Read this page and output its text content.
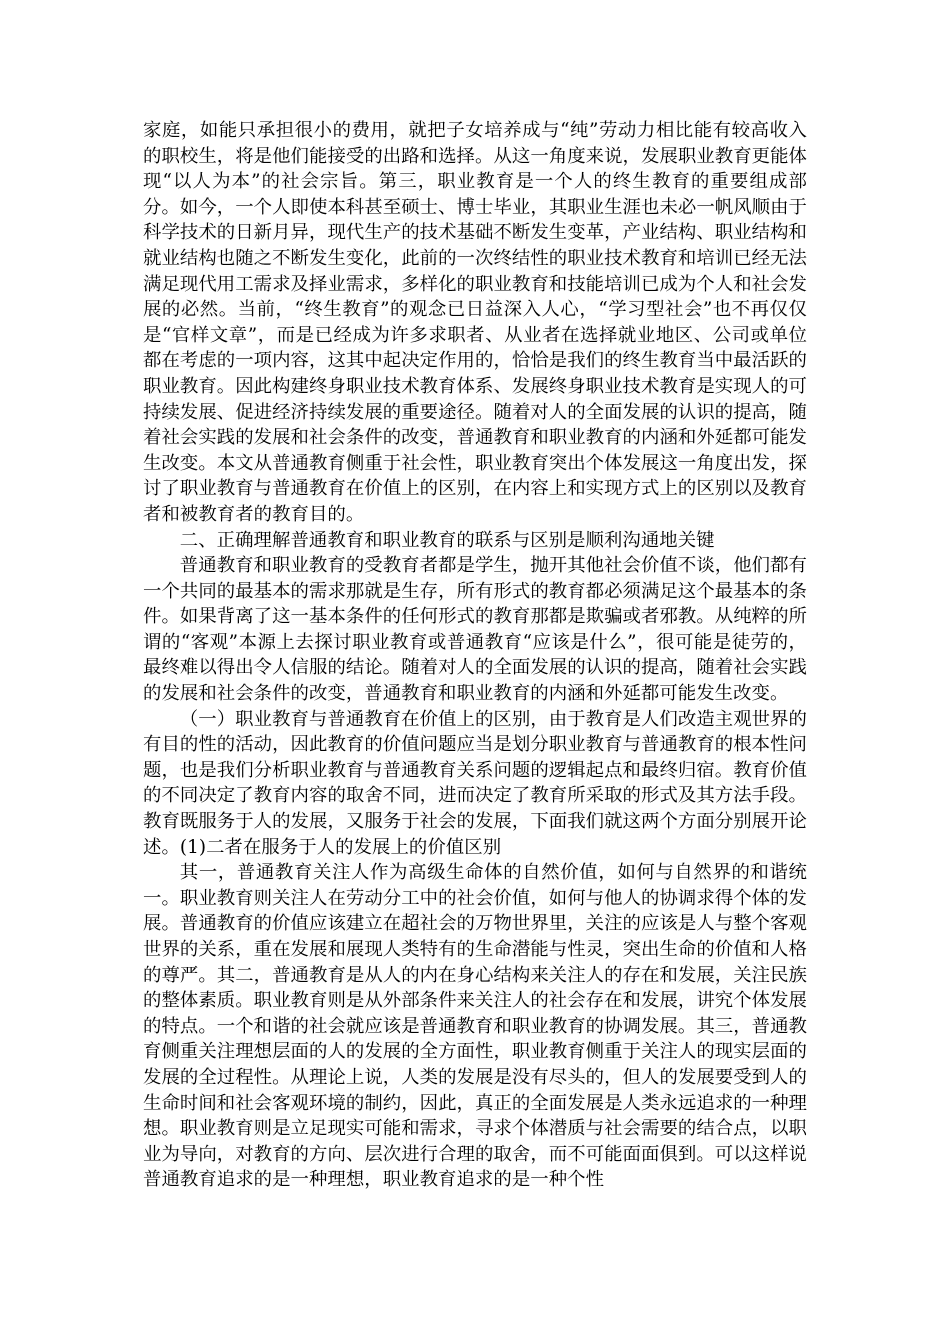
家庭，如能只承担很小的费用，就把子女培养成与“纯”劳动力相比能有较高收入的职校生，将是他们能接受的出路和选择。从这一角度来说，发展职业教育更能体现“以人为本”的社会宗旨。第三，职业教育是一个人的终生教育的重要组成部分。如今，一个人即使本科甚至硕士、博士毕业，其职业生涯也未必一帆风顺由于科学技术的日新月异，现代生产的技术基础不断发生变革，产业结构、职业结构和就业结构也随之不断发生变化，此前的一次终结性的职业技术教育和培训已经无法满足现代用工需求及择业需求，多样化的职业教育和技能培训已成为个人和社会发展的必然。当前，“终生教育”的观念已日益深入人心，“学习型社会”也不再仅仅是“官样文章”，而是已经成为许多求职者、从业者在选择就业地区、公司或单位都在考虑的一项内容，这其中起决定作用的，恰恰是我们的终生教育当中最活跃的职业教育。因此构建终身职业技术教育体系、发展终身职业技术教育是实现人的可持续发展、促进经济持续发展的重要途径。随着对人的全面发展的认识的提高，随着社会实践的发展和社会条件的改变，普通教育和职业教育的内涵和外延都可能发生改变。本文从普通教育侧重于社会性，职业教育突出个体发展这一角度出发，探讨了职业教育与普通教育在价值上的区别，在内容上和实现方式上的区别以及教育者和被教育者的教育目的。

二、正确理解普通教育和职业教育的联系与区别是顺利沟通地关键

普通教育和职业教育的受教育者都是学生，抛开其他社会价值不谈，他们都有一个共同的最基本的需求那就是生存，所有形式的教育都必须满足这个最基本的条件。如果背离了这一基本条件的任何形式的教育那都是欺骗或者邪教。从纯粹的所谓的“客观”本源上去探讨职业教育或普通教育“应该是什么”，很可能是徒劳的，最终难以得出令人信服的结论。随着对人的全面发展的认识的提高，随着社会实践的发展和社会条件的改变，普通教育和职业教育的内涵和外延都可能发生改变。

（一）职业教育与普通教育在价值上的区别，由于教育是人们改造主观世界的有目的性的活动，因此教育的价值问题应当是划分职业教育与普通教育的根本性问题，也是我们分析职业教育与普通教育关系问题的逻辑起点和最终归宿。教育价值的不同决定了教育内容的取舍不同，进而决定了教育所采取的形式及其方法手段。教育既服务于人的发展，又服务于社会的发展，下面我们就这两个方面分别展开论述。(1)二者在服务于人的发展上的价值区别

其一，普通教育关注人作为高级生命体的自然价值，如何与自然界的和谐统一。职业教育则关注人在劳动分工中的社会价值，如何与他人的协调求得个体的发展。普通教育的价值应该建立在超社会的万物世界里，关注的应该是人与整个客观世界的关系，重在发展和展现人类特有的生命潜能与性灵，突出生命的价值和人格的尊严。其二，普通教育是从人的内在身心结构来关注人的存在和发展，关注民族的整体素质。职业教育则是从外部条件来关注人的社会存在和发展，讲究个体发展的特点。一个和谐的社会就应该是普通教育和职业教育的协调发展。其三，普通教育侧重关注理想层面的人的发展的全方面性，职业教育侧重于关注人的现实层面的发展的全过程性。从理论上说，人类的发展是没有尽头的，但人的发展要受到人的生命时间和社会客观环境的制约，因此，真正的全面发展是人类永远追求的一种理想。职业教育则是立足现实可能和需求，寻求个体潜质与社会需要的结合点，以职业为导向，对教育的方向、层次进行合理的取舍，而不可能面面俱到。可以这样说普通教育追求的是一种理想，职业教育追求的是一种个性
